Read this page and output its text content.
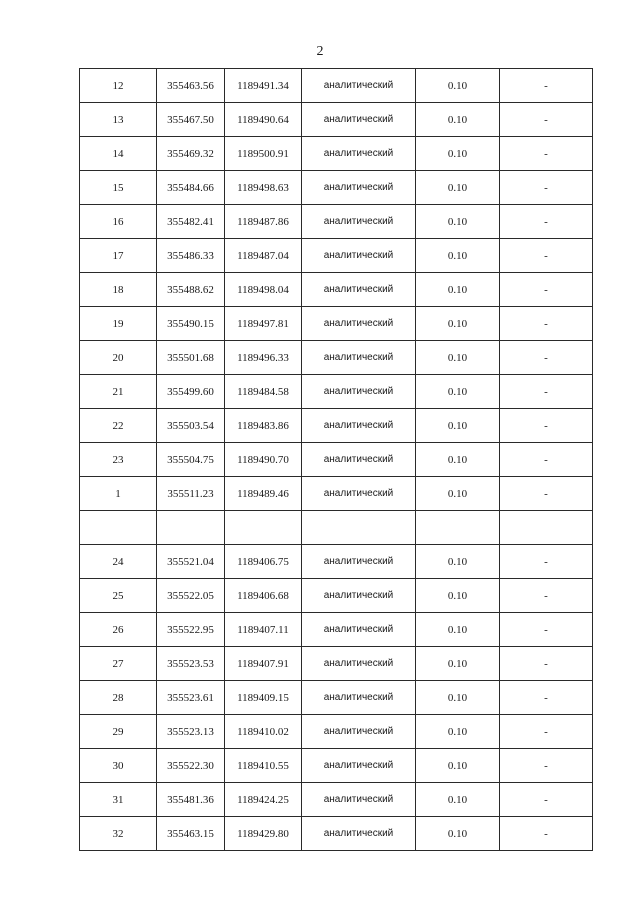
2
12	355463.56	1189491.34	аналитический	0.10	-
13	355467.50	1189490.64	аналитический	0.10	-
14	355469.32	1189500.91	аналитический	0.10	-
15	355484.66	1189498.63	аналитический	0.10	-
16	355482.41	1189487.86	аналитический	0.10	-
17	355486.33	1189487.04	аналитический	0.10	-
18	355488.62	1189498.04	аналитический	0.10	-
19	355490.15	1189497.81	аналитический	0.10	-
20	355501.68	1189496.33	аналитический	0.10	-
21	355499.60	1189484.58	аналитический	0.10	-
22	355503.54	1189483.86	аналитический	0.10	-
23	355504.75	1189490.70	аналитический	0.10	-
1	355511.23	1189489.46	аналитический	0.10	-

24	355521.04	1189406.75	аналитический	0.10	-
25	355522.05	1189406.68	аналитический	0.10	-
26	355522.95	1189407.11	аналитический	0.10	-
27	355523.53	1189407.91	аналитический	0.10	-
28	355523.61	1189409.15	аналитический	0.10	-
29	355523.13	1189410.02	аналитический	0.10	-
30	355522.30	1189410.55	аналитический	0.10	-
31	355481.36	1189424.25	аналитический	0.10	-
32	355463.15	1189429.80	аналитический	0.10	-
